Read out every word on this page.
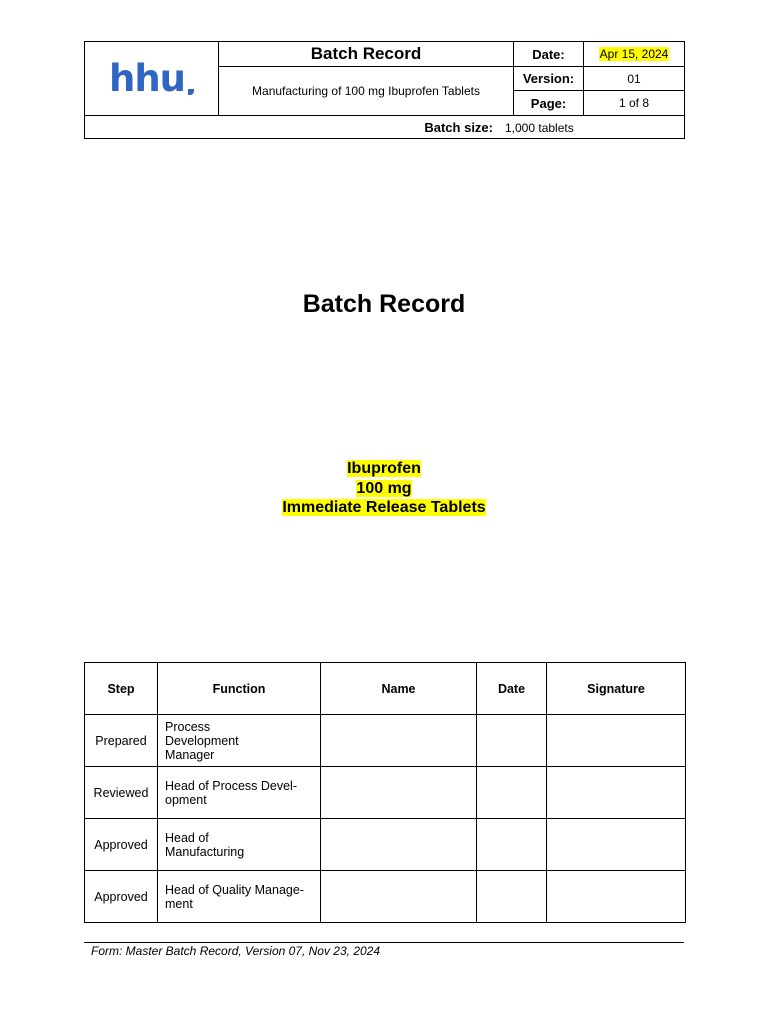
hhu	Batch Record	Date:	Apr 15, 2024
	Manufacturing of 100 mg Ibuprofen Tablets	Version:	01
		Page:	1 of 8
Batch size: 1,000 tablets			
Batch Record
Ibuprofen
100 mg
Immediate Release Tablets
Step	Function	Name	Date	Signature
Prepared	Process
Development
Manager			

Reviewed	Head of Process Devel-
opment			

Approved	Head of
Manufacturing			

Approved	Head of Quality Manage-
ment			

Form: Master Batch Record, Version 07, Nov 23, 2024
